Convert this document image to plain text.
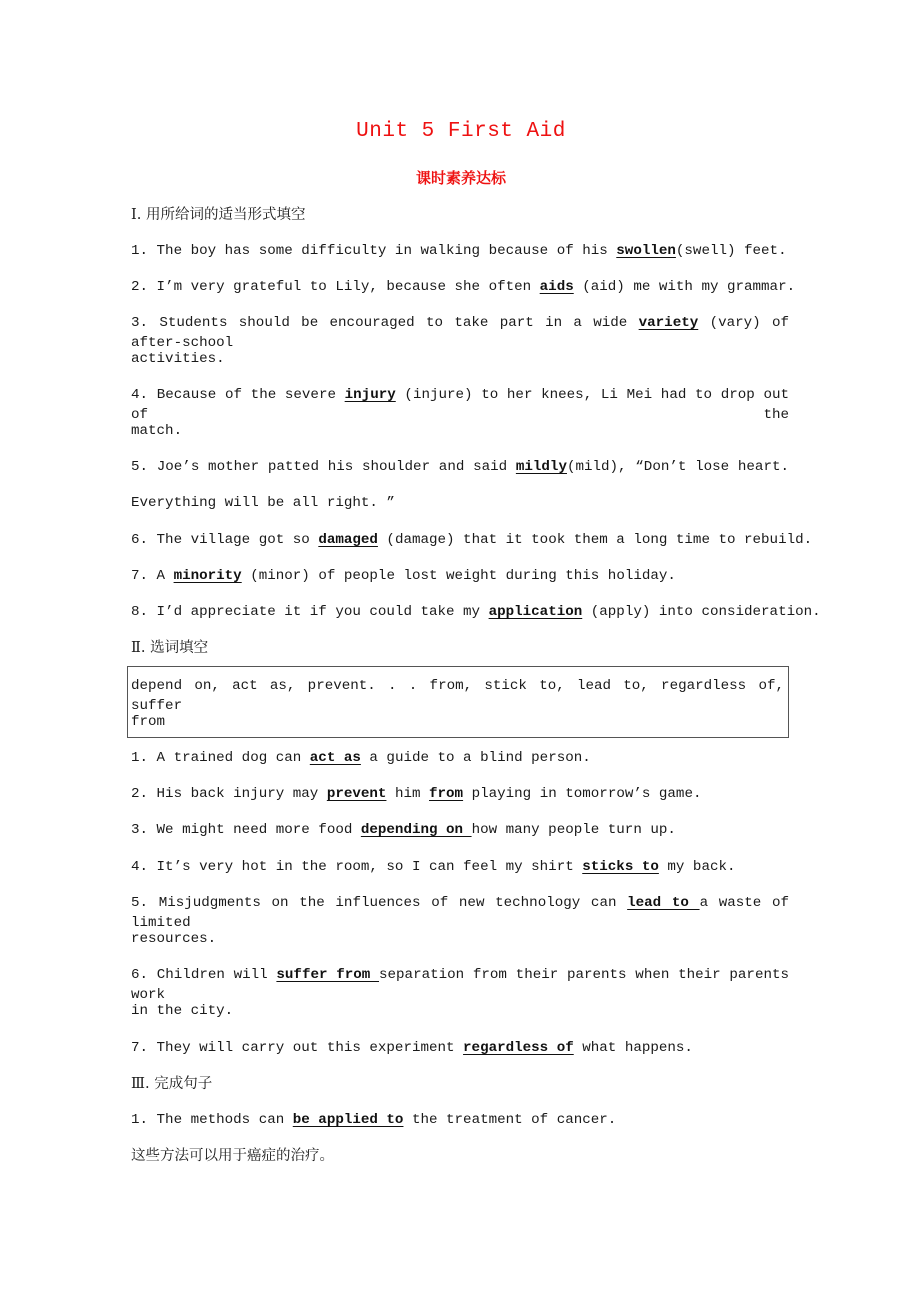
Unit 5 First Aid
课时素养达标
Ⅰ. 用所给词的适当形式填空
1. The boy has some difficulty in walking because of his swollen(swell) feet.
2. I’m very grateful to Lily, because she often aids (aid) me with my grammar.
3. Students should be encouraged to take part in a wide variety (vary) of after-school
activities.
4. Because of the severe injury (injure) to her knees, Li Mei had to drop out of the
match.
5. Joe’s mother patted his shoulder and said mildly(mild), “Don’t lose heart.
Everything will be all right. ”
6. The village got so damaged (damage) that it took them a long time to rebuild.
7. A minority (minor) of people lost weight during this holiday.
8. I’d appreciate it if you could take my application (apply) into consideration.
Ⅱ. 选词填空
depend on, act as, prevent. . . from, stick to, lead to, regardless of, suffer
from
1. A trained dog can act as a guide to a blind person.
2. His back injury may prevent him from playing in tomorrow’s game.
3. We might need more food depending on how many people turn up.
4. It’s very hot in the room, so I can feel my shirt sticks to my back.
5. Misjudgments on the influences of new technology can lead to a waste of limited
resources.
6. Children will suffer from separation from their parents when their parents work
in the city.
7. They will carry out this experiment regardless of what happens.
Ⅲ. 完成句子
1. The methods can be applied to the treatment of cancer.
这些方法可以用于癌症的治疗。
